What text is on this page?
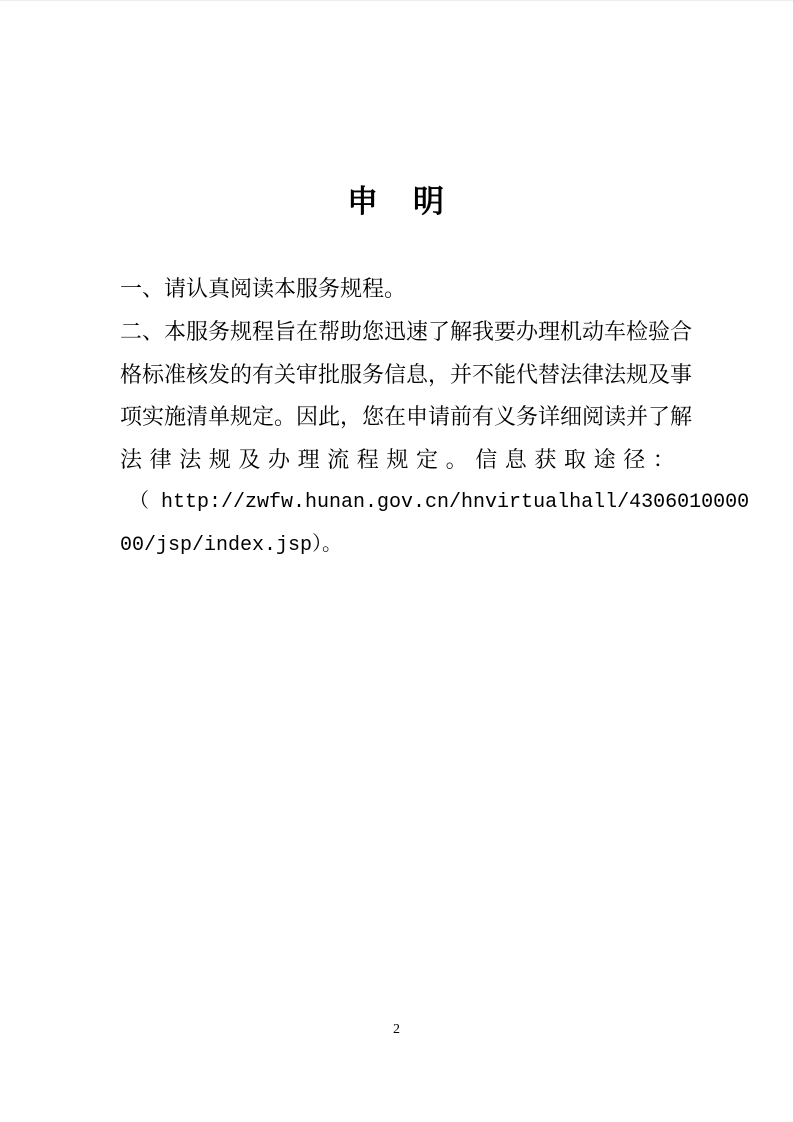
申　明
一、请认真阅读本服务规程。
二、本服务规程旨在帮助您迅速了解我要办理机动车检验合
格标准核发的有关审批服务信息，并不能代替法律法规及事
项实施清单规定。因此，您在申请前有义务详细阅读并了解
法律法规及办理流程规定。信息获取途径：
（ http://zwfw.hunan.gov.cn/hnvirtualhall/4306010000
00/jsp/index.jsp）。
2
